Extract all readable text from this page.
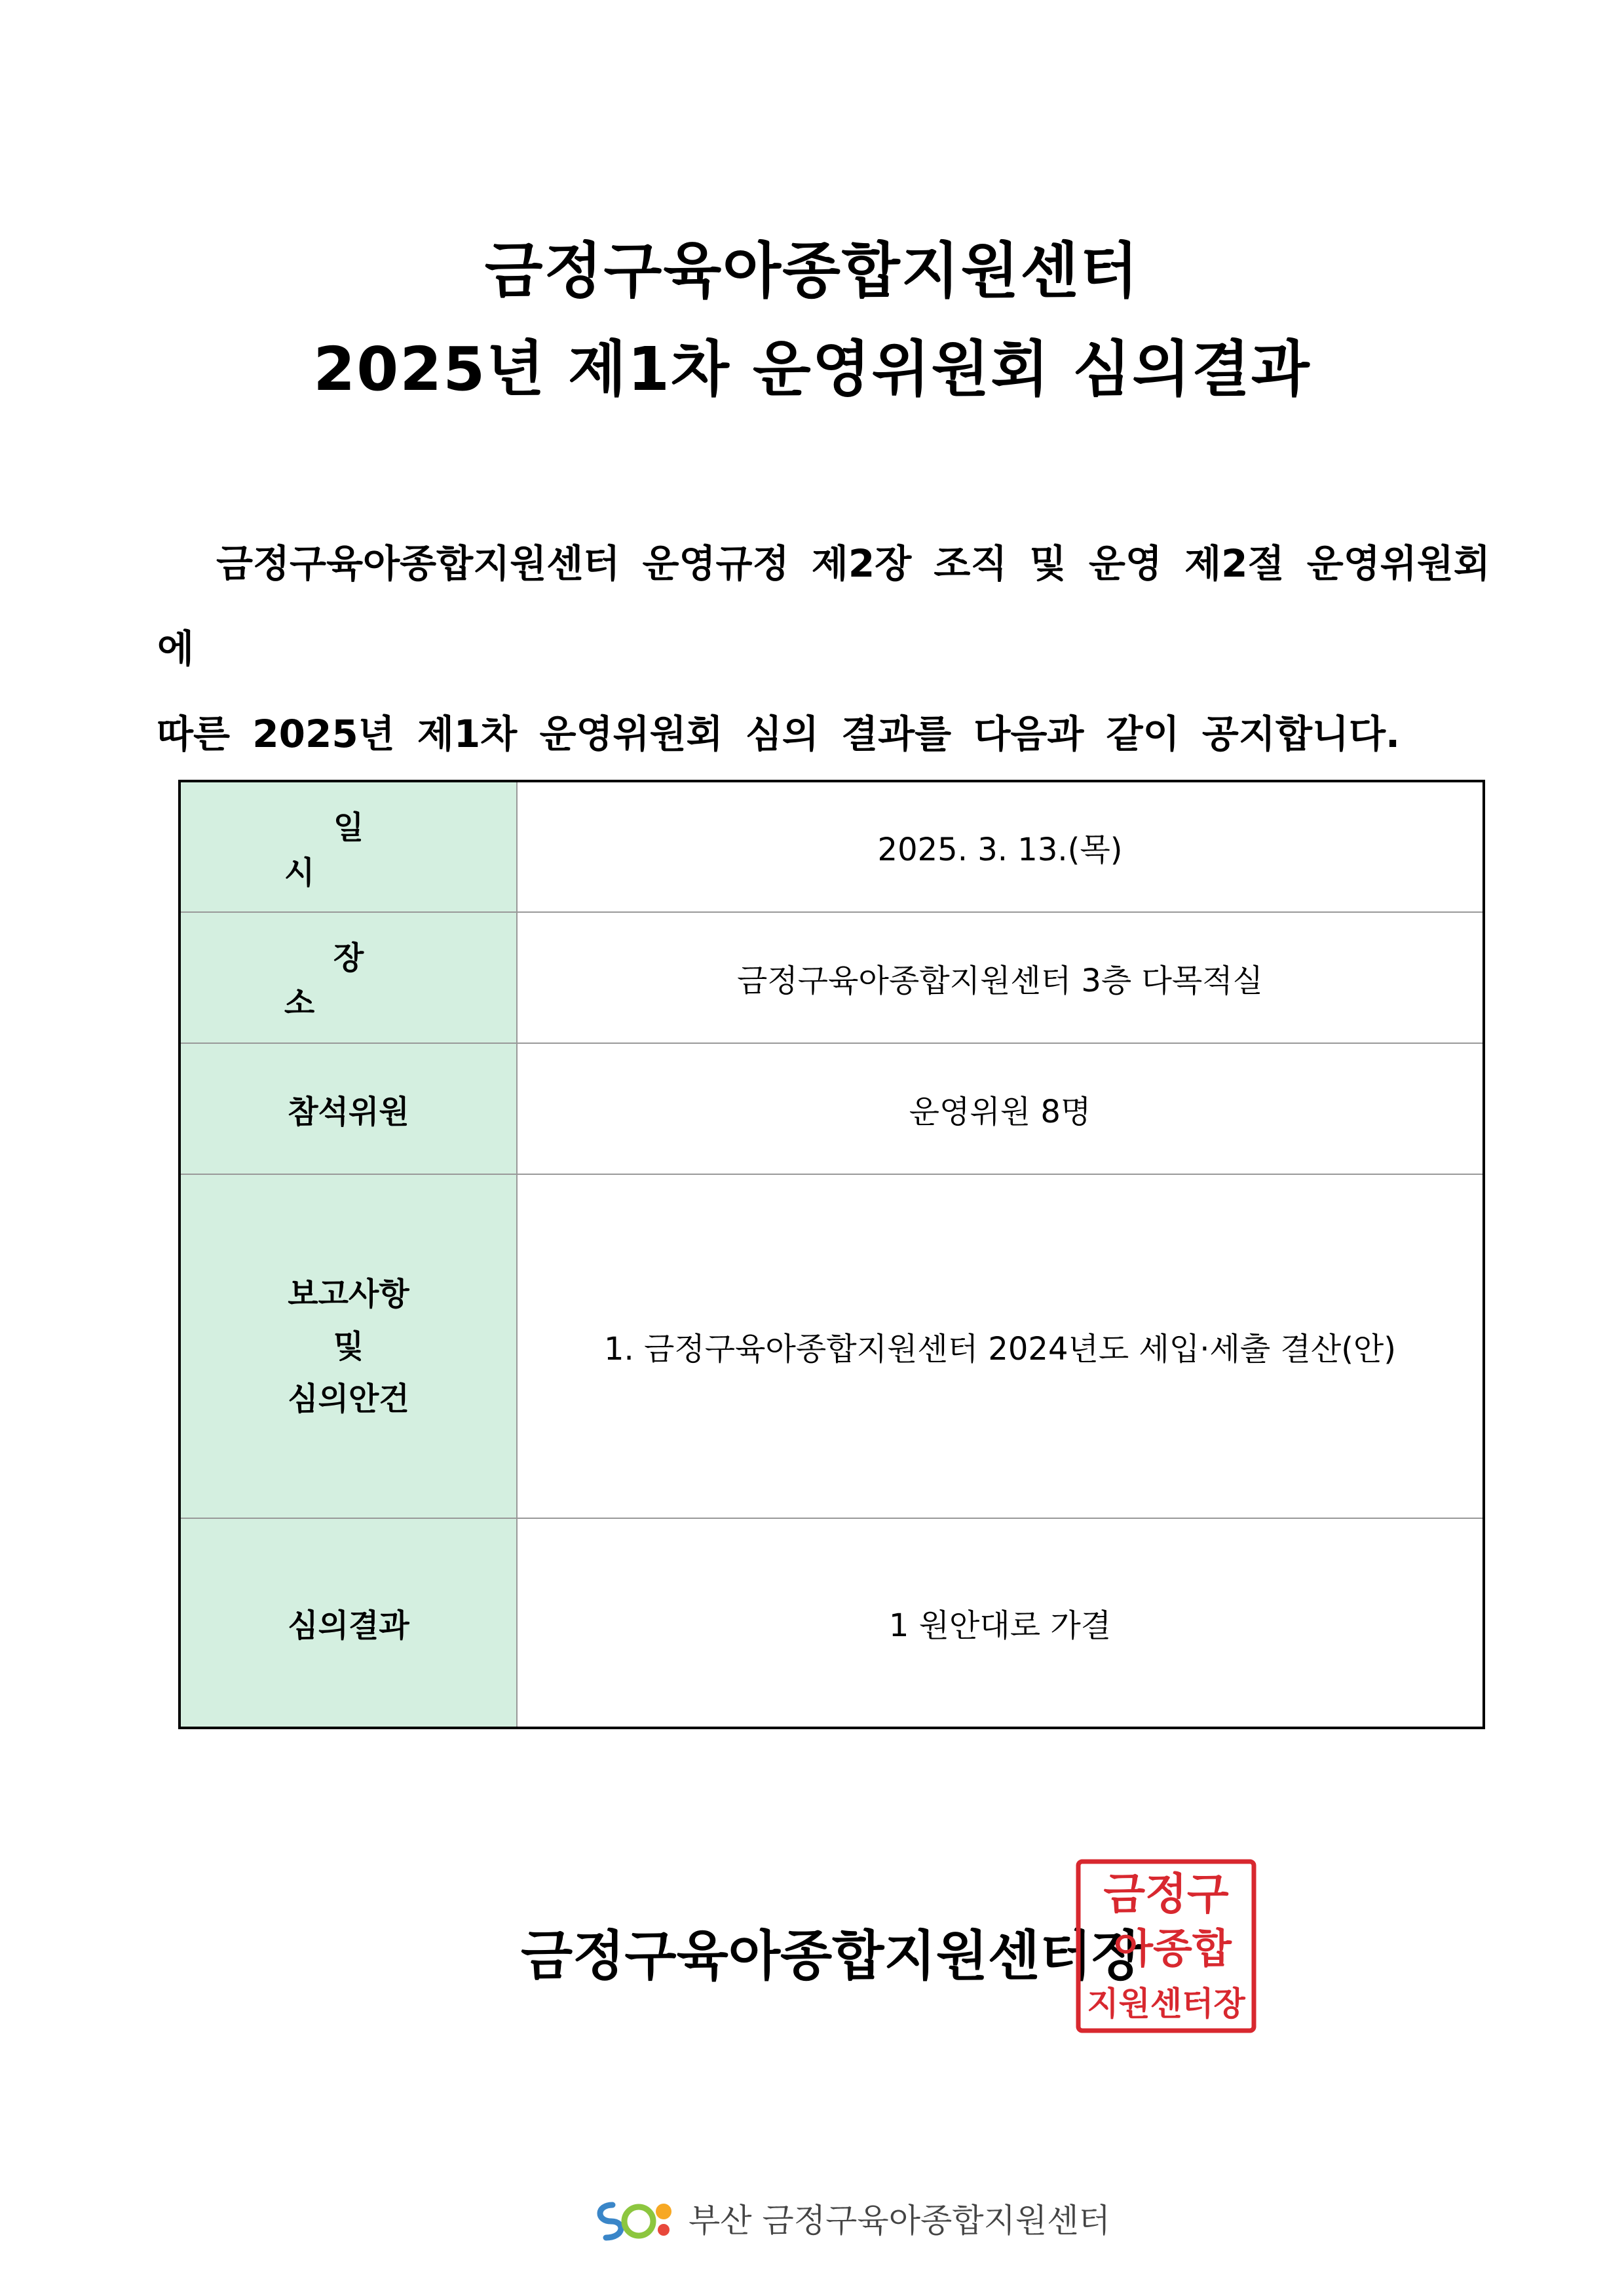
금정구육아종합지원센터
2025년 제1차 운영위원회 심의결과
금정구육아종합지원센터 운영규정 제2장 조직 및 운영 제2절 운영위원회에
따른 2025년 제1차 운영위원회 심의 결과를 다음과 같이 공지합니다.
일 시	2025. 3. 13.(목)
장 소	금정구육아종합지원센터 3층 다목적실
참석위원	운영위원 8명

보고사항
및
심의안건	1. 금정구육아종합지원센터 2024년도 세입·세출 결산(안)
심의결과	1 원안대로 가결
금정구육아종합지원센터장
금정구
아종합
지원센터장
부산 금정구육아종합지원센터
